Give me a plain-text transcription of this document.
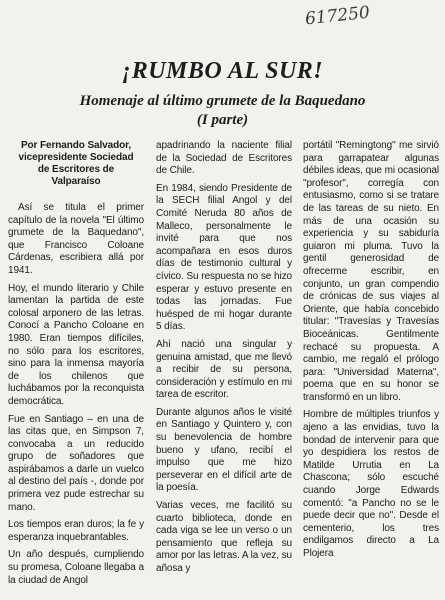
617250
¡RUMBO AL SUR!
Homenaje al último grumete de la Baquedano
(I parte)
Por Fernando Salvador,
vicepresidente Sociedad
de Escritores de
Valparaíso

Así se titula el primer capítulo de la novela "El último grumete de la Baquedano", que Francisco Coloane Cárdenas, escribiera allá por 1941.

Hoy, el mundo literario y Chile lamentan la partida de este colosal arponero de las letras. Conocí a Pancho Coloane en 1980. Eran tiempos difíciles, no sólo para los escritores, sino para la inmensa mayoría de los chilenos que luchábamos por la reconquista democrática.

Fue en Santiago – en una de las citas que, en Simpson 7, convocaba a un reducido grupo de soñadores que aspirábamos a darle un vuelco al destino del país -, donde por primera vez pude estrechar su mano.

Los tiempos eran duros; la fe y esperanza inquebrantables.

Un año después, cumpliendo su promesa, Coloane llegaba a la ciudad de Angol

apadrinando la naciente filial de la Sociedad de Escritores de Chile.

En 1984, siendo Presidente de la SECH filial Angol y del Comité Neruda 80 años de Malleco, personalmente le invité para que nos acompañara en esos duros días de testimonio cultural y cívico. Su respuesta no se hizo esperar y estuvo presente en todas las jornadas. Fue huésped de mi hogar durante 5 días.

Ahí nació una singular y genuina amistad, que me llevó a recibir de su persona, consideración y estímulo en mi tarea de escritor.

Durante algunos años le visité en Santiago y Quintero y, con su benevolencia de hombre bueno y ufano, recibí el impulso que me hizo perseverar en el difícil arte de la poesía.

Varias veces, me facilitó su cuarto biblioteca, donde en cada viga se lee un verso o un pensamiento que refleja su amor por las letras. A la vez, su añosa y

portátil "Remingtong" me sirvió para garrapatear algunas débiles ideas, que mi ocasional "profesor", corregía con entusiasmo, como si se tratare de las tareas de su nieto. En más de una ocasión su experiencia y su sabiduría guiaron mi pluma. Tuvo la gentil generosidad de ofrecerme escribir, en conjunto, un gran compendio de crónicas de sus viajes al Oriente, que había concebido titular: "Travesías y Travesías Bioceánicas. Gentilmente rechacé su propuesta. A cambio, me regaló el prólogo para: "Universidad Materna", poema que en su honor se transformó en un libro.

Hombre de múltiples triunfos y ajeno a las envidias, tuvo la bondad de intervenir para que yo despidiera los restos de Matilde Urrutia en La Chascona; sólo escuché cuando Jorge Edwards comentó: "a Pancho no se le puede decir que no". Desde el cementerio, los tres endilgamos directo a La Plojera
